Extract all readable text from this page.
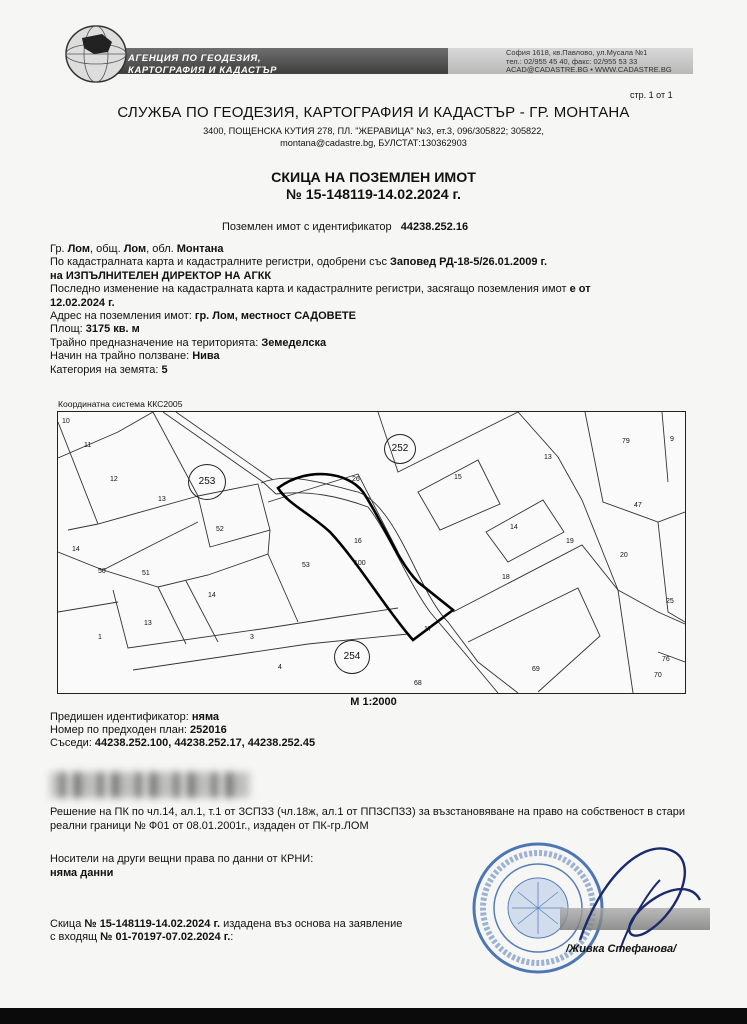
АГЕНЦИЯ ПО ГЕОДЕЗИЯ,
КАРТОГРАФИЯ И КАДАСТЪР
София 1618, кв.Павлово, ул.Мусала №1
тел.: 02/955 45 40, факс: 02/955 53 33
ACAD@CADASTRE.BG • WWW.CADASTRE.BG
стр. 1 от 1
СЛУЖБА ПО ГЕОДЕЗИЯ, КАРТОГРАФИЯ И КАДАСТЪР - ГР. МОНТАНА
3400, ПОЩЕНСКА КУТИЯ 278, ПЛ. "ЖЕРАВИЦА" №3, ет.3, 096/305822; 305822,
montana@cadastre.bg, БУЛСТАТ:130362903
СКИЦА НА ПОЗЕМЛЕН ИМОТ
№ 15-148119-14.02.2024 г.
Поземлен имот с идентификатор 44238.252.16
Гр. Лом, общ. Лом, обл. Монтана
По кадастралната карта и кадастралните регистри, одобрени със Заповед РД-18-5/26.01.2009 г.
на ИЗПЪЛНИТЕЛЕН ДИРЕКТОР НА АГКК
Последно изменение на кадастралната карта и кадастралните регистри, засягащо поземления имот е от
12.02.2024 г.
Адрес на поземления имот: гр. Лом, местност САДОВЕТЕ
Площ: 3175 кв. м
Трайно предназначение на територията: Земеделска
Начин на трайно ползване: Нива
Категория на земята: 5
Координатна система ККС2005
10
11
12
13
14
52
50	51
53
14
13
1	3
4
26
16
100
17
15
13
14
19
18
20
25
79	9
47
69
70
76
68
252
253
254
М 1:2000
Предишен идентификатор: няма
Номер по предходен план: 252016
Съседи: 44238.252.100, 44238.252.17, 44238.252.45
Решение на ПК по чл.14, ал.1, т.1 от ЗСПЗЗ (чл.18ж, ал.1 от ППЗСПЗЗ) за възстановяване на право на собственост в стари реални граници № Ф01 от 08.01.2001г., издаден от ПК-гр.ЛОМ
Носители на други вещни права по данни от КРНИ:
няма данни
Скица № 15-148119-14.02.2024 г. издадена въз основа на заявление с входящ № 01-70197-07.02.2024 г.:
/Живка Стефанова/
